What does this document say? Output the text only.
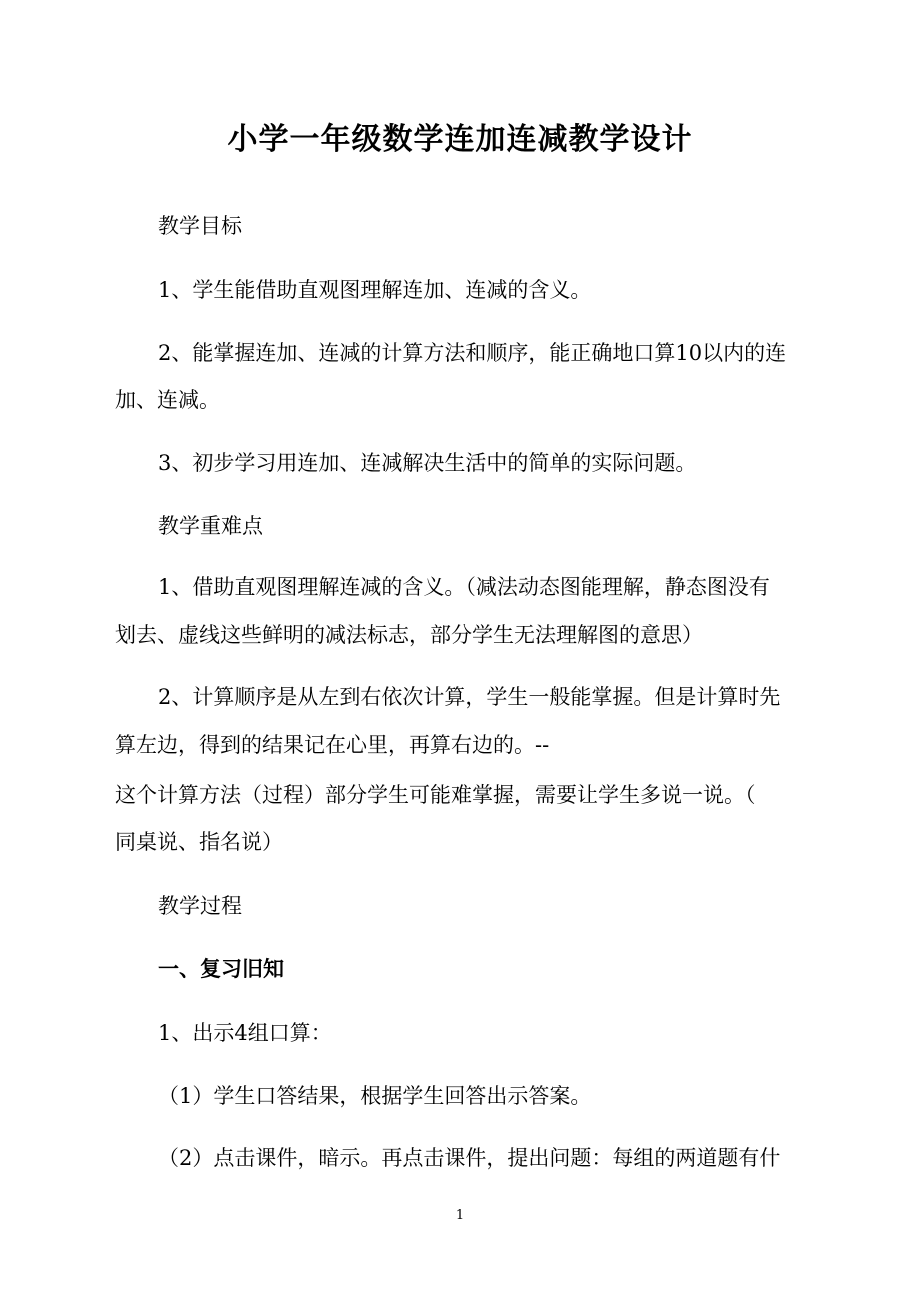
小学一年级数学连加连减教学设计
教学目标
1、学生能借助直观图理解连加、连减的含义。
2、能掌握连加、连减的计算方法和顺序，能正确地口算10以内的连
加、连减。
3、初步学习用连加、连减解决生活中的简单的实际问题。
教学重难点
1、借助直观图理解连减的含义。（减法动态图能理解，静态图没有
划去、虚线这些鲜明的减法标志，部分学生无法理解图的意思）
2、计算顺序是从左到右依次计算，学生一般能掌握。但是计算时先
算左边，得到的结果记在心里，再算右边的。--
这个计算方法（过程）部分学生可能难掌握，需要让学生多说一说。（
同桌说、指名说）
教学过程
一、复习旧知
1、出示4组口算：
（1）学生口答结果，根据学生回答出示答案。
（2）点击课件，暗示。再点击课件，提出问题：每组的两道题有什
1
